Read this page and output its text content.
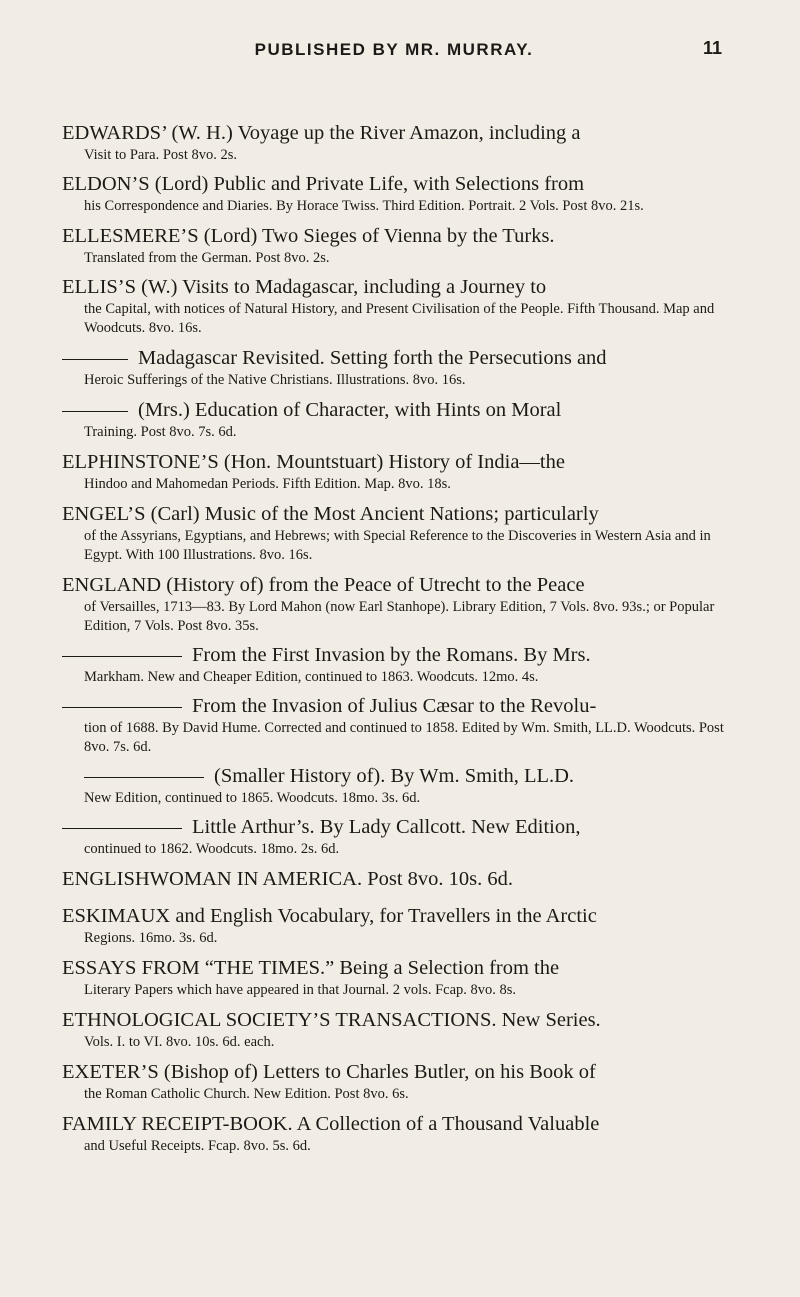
PUBLISHED BY MR. MURRAY.	11

EDWARDS’ (W. H.) Voyage up the River Amazon, including a

Visit to Para. Post 8vo. 2s.

ELDON’S (Lord) Public and Private Life, with Selections from

his Correspondence and Diaries. By Horace Twiss. Third Edition. Portrait. 2 Vols. Post 8vo. 21s.

ELLESMERE’S (Lord) Two Sieges of Vienna by the Turks.

Translated from the German. Post 8vo. 2s.

ELLIS’S (W.) Visits to Madagascar, including a Journey to

the Capital, with notices of Natural History, and Present Civilisation of the People. Fifth Thousand. Map and Woodcuts. 8vo. 16s.

Madagascar Revisited. Setting forth the Persecutions and

Heroic Sufferings of the Native Christians. Illustrations. 8vo. 16s.

(Mrs.) Education of Character, with Hints on Moral

Training. Post 8vo. 7s. 6d.

ELPHINSTONE’S (Hon. Mountstuart) History of India—the

Hindoo and Mahomedan Periods. Fifth Edition. Map. 8vo. 18s.

ENGEL’S (Carl) Music of the Most Ancient Nations; particularly

of the Assyrians, Egyptians, and Hebrews; with Special Reference to the Discoveries in Western Asia and in Egypt. With 100 Illustrations. 8vo. 16s.

ENGLAND (History of) from the Peace of Utrecht to the Peace

of Versailles, 1713—83. By Lord Mahon (now Earl Stanhope). Library Edition, 7 Vols. 8vo. 93s.; or Popular Edition, 7 Vols. Post 8vo. 35s.

From the First Invasion by the Romans. By Mrs.

Markham. New and Cheaper Edition, continued to 1863. Woodcuts. 12mo. 4s.

From the Invasion of Julius Cæsar to the Revolu-

tion of 1688. By David Hume. Corrected and continued to 1858. Edited by Wm. Smith, LL.D. Woodcuts. Post 8vo. 7s. 6d.

(Smaller History of). By Wm. Smith, LL.D.

New Edition, continued to 1865. Woodcuts. 18mo. 3s. 6d.

Little Arthur’s. By Lady Callcott. New Edition,

continued to 1862. Woodcuts. 18mo. 2s. 6d.

ENGLISHWOMAN IN AMERICA. Post 8vo. 10s. 6d.

ESKIMAUX and English Vocabulary, for Travellers in the Arctic

Regions. 16mo. 3s. 6d.

ESSAYS FROM “THE TIMES.” Being a Selection from the

Literary Papers which have appeared in that Journal. 2 vols. Fcap. 8vo. 8s.

ETHNOLOGICAL SOCIETY’S TRANSACTIONS. New Series.

Vols. I. to VI. 8vo. 10s. 6d. each.

EXETER’S (Bishop of) Letters to Charles Butler, on his Book of

the Roman Catholic Church. New Edition. Post 8vo. 6s.

FAMILY RECEIPT-BOOK. A Collection of a Thousand Valuable

and Useful Receipts. Fcap. 8vo. 5s. 6d.
